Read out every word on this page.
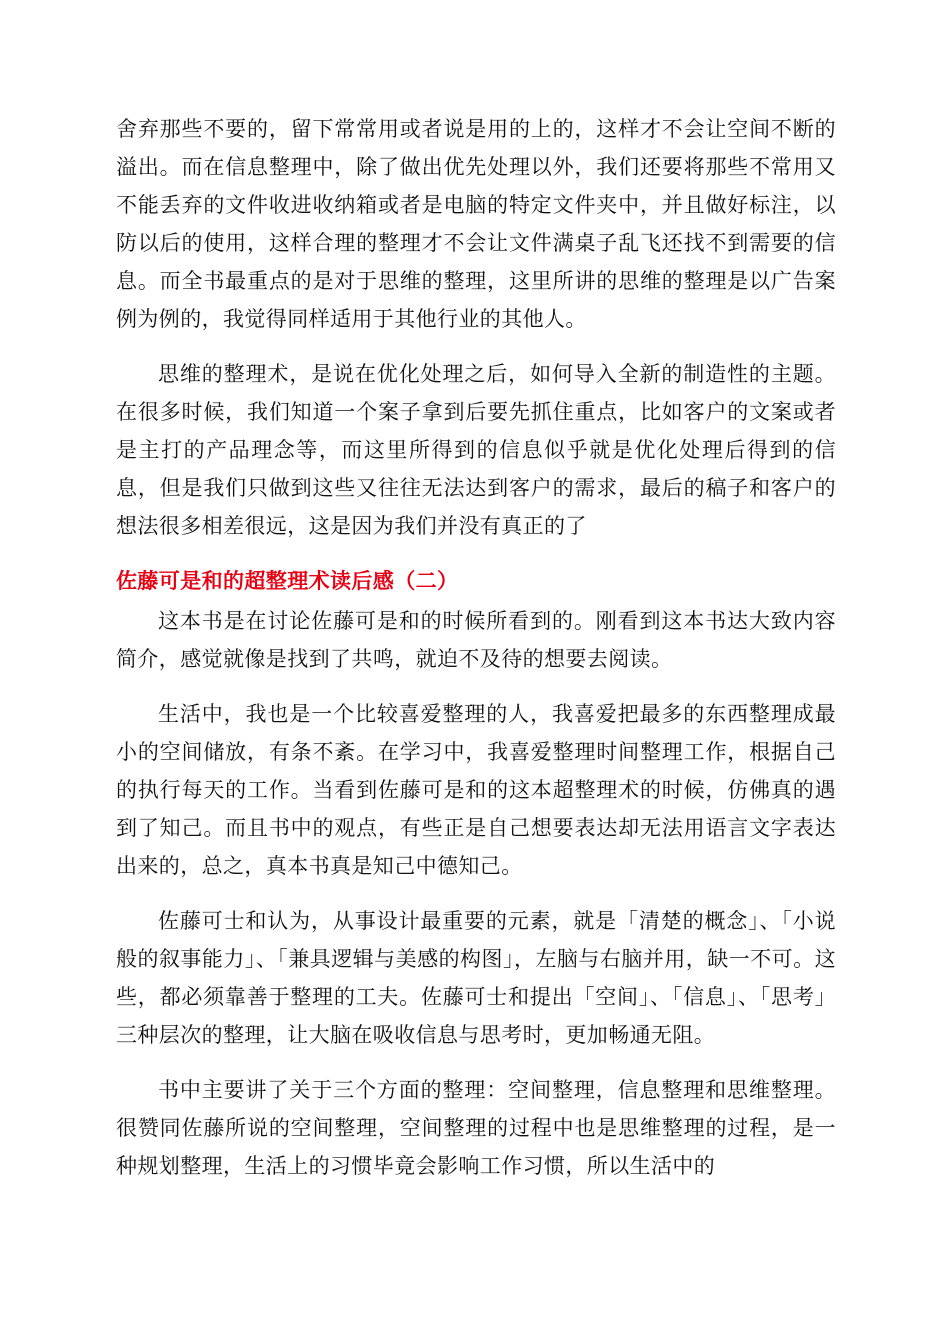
舍弃那些不要的，留下常常用或者说是用的上的，这样才不会让空间不断的溢出。而在信息整理中，除了做出优先处理以外，我们还要将那些不常用又不能丢弃的文件收进收纳箱或者是电脑的特定文件夹中，并且做好标注，以防以后的使用，这样合理的整理才不会让文件满桌子乱飞还找不到需要的信息。而全书最重点的是对于思维的整理，这里所讲的思维的整理是以广告案例为例的，我觉得同样适用于其他行业的其他人。

思维的整理术，是说在优化处理之后，如何导入全新的制造性的主题。在很多时候，我们知道一个案子拿到后要先抓住重点，比如客户的文案或者是主打的产品理念等，而这里所得到的信息似乎就是优化处理后得到的信息，但是我们只做到这些又往往无法达到客户的需求，最后的稿子和客户的想法很多相差很远，这是因为我们并没有真正的了

佐藤可是和的超整理术读后感（二）

这本书是在讨论佐藤可是和的时候所看到的。刚看到这本书达大致内容简介，感觉就像是找到了共鸣，就迫不及待的想要去阅读。

生活中，我也是一个比较喜爱整理的人，我喜爱把最多的东西整理成最小的空间储放，有条不紊。在学习中，我喜爱整理时间整理工作，根据自己的执行每天的工作。当看到佐藤可是和的这本超整理术的时候，仿佛真的遇到了知己。而且书中的观点，有些正是自己想要表达却无法用语言文字表达出来的，总之，真本书真是知己中德知己。

佐藤可士和认为，从事设计最重要的元素，就是「清楚的概念」、「小说般的叙事能力」、「兼具逻辑与美感的构图」，左脑与右脑并用，缺一不可。这些，都必须靠善于整理的工夫。佐藤可士和提出「空间」、「信息」、「思考」三种层次的整理，让大脑在吸收信息与思考时，更加畅通无阻。

书中主要讲了关于三个方面的整理：空间整理，信息整理和思维整理。很赞同佐藤所说的空间整理，空间整理的过程中也是思维整理的过程，是一种规划整理，生活上的习惯毕竟会影响工作习惯，所以生活中的
